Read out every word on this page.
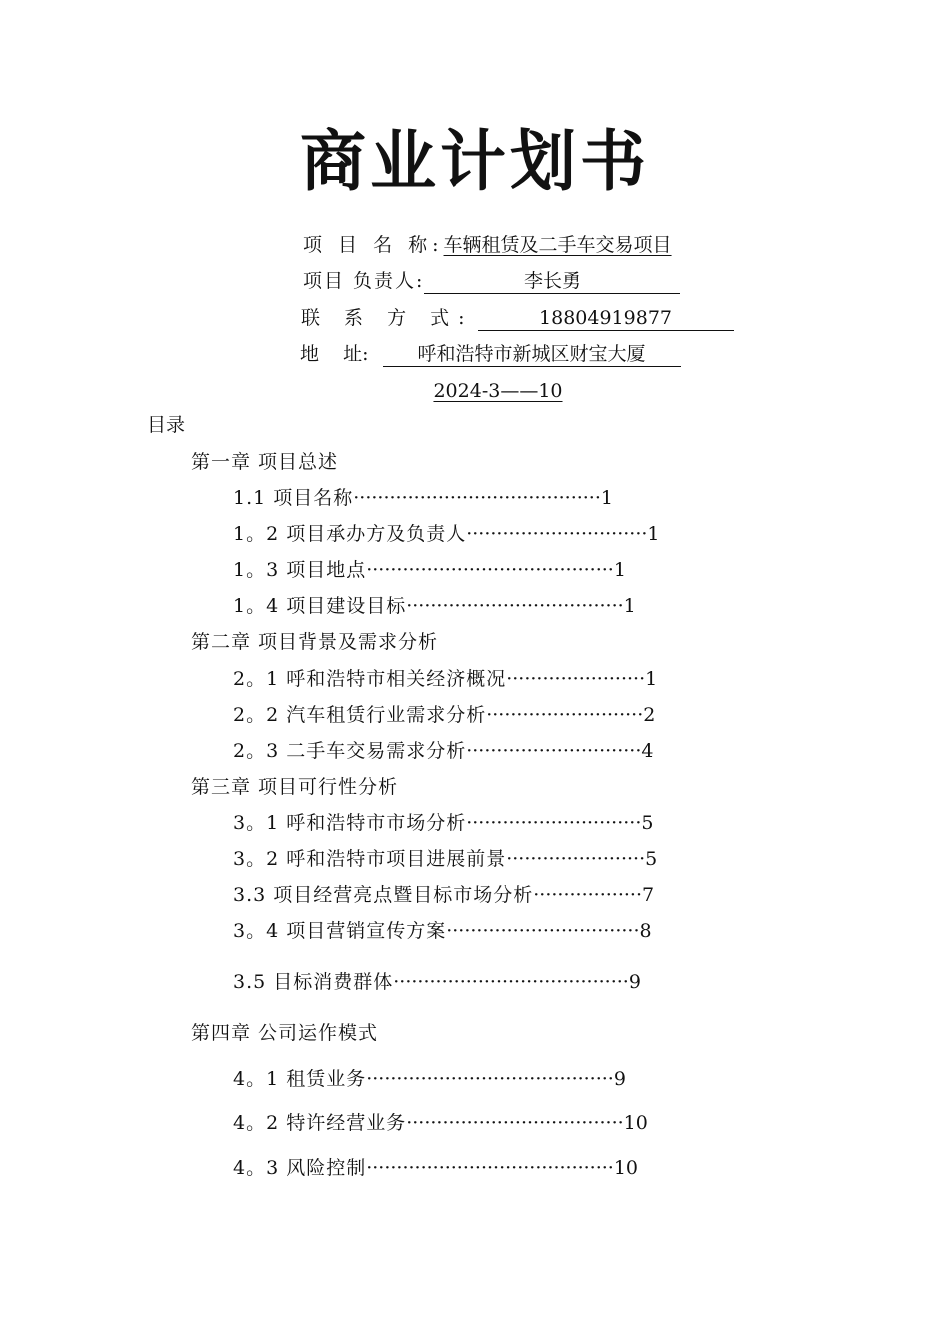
商业计划书
项 目 名 称:车辆租赁及二手车交易项目
项目 负责人:	李长勇
联 系 方 式:	18804919877
地    址:	呼和浩特市新城区财宝大厦
2024-3——10
目录
第一章 项目总述
1.1 项目名称·········································1
1。2 项目承办方及负责人······························1
1。3 项目地点·········································1
1。4 项目建设目标····································1
第二章 项目背景及需求分析
2。1 呼和浩特市相关经济概况·······················1
2。2 汽车租赁行业需求分析··························2
2。3 二手车交易需求分析·····························4
第三章 项目可行性分析
3。1 呼和浩特市市场分析·····························5
3。2 呼和浩特市项目进展前景·······················5
3.3 项目经营亮点暨目标市场分析··················7
3。4 项目营销宣传方案································8
3.5 目标消费群体·······································9
第四章 公司运作模式
4。1 租赁业务·········································9
4。2 特许经营业务····································10
4。3 风险控制·········································10
